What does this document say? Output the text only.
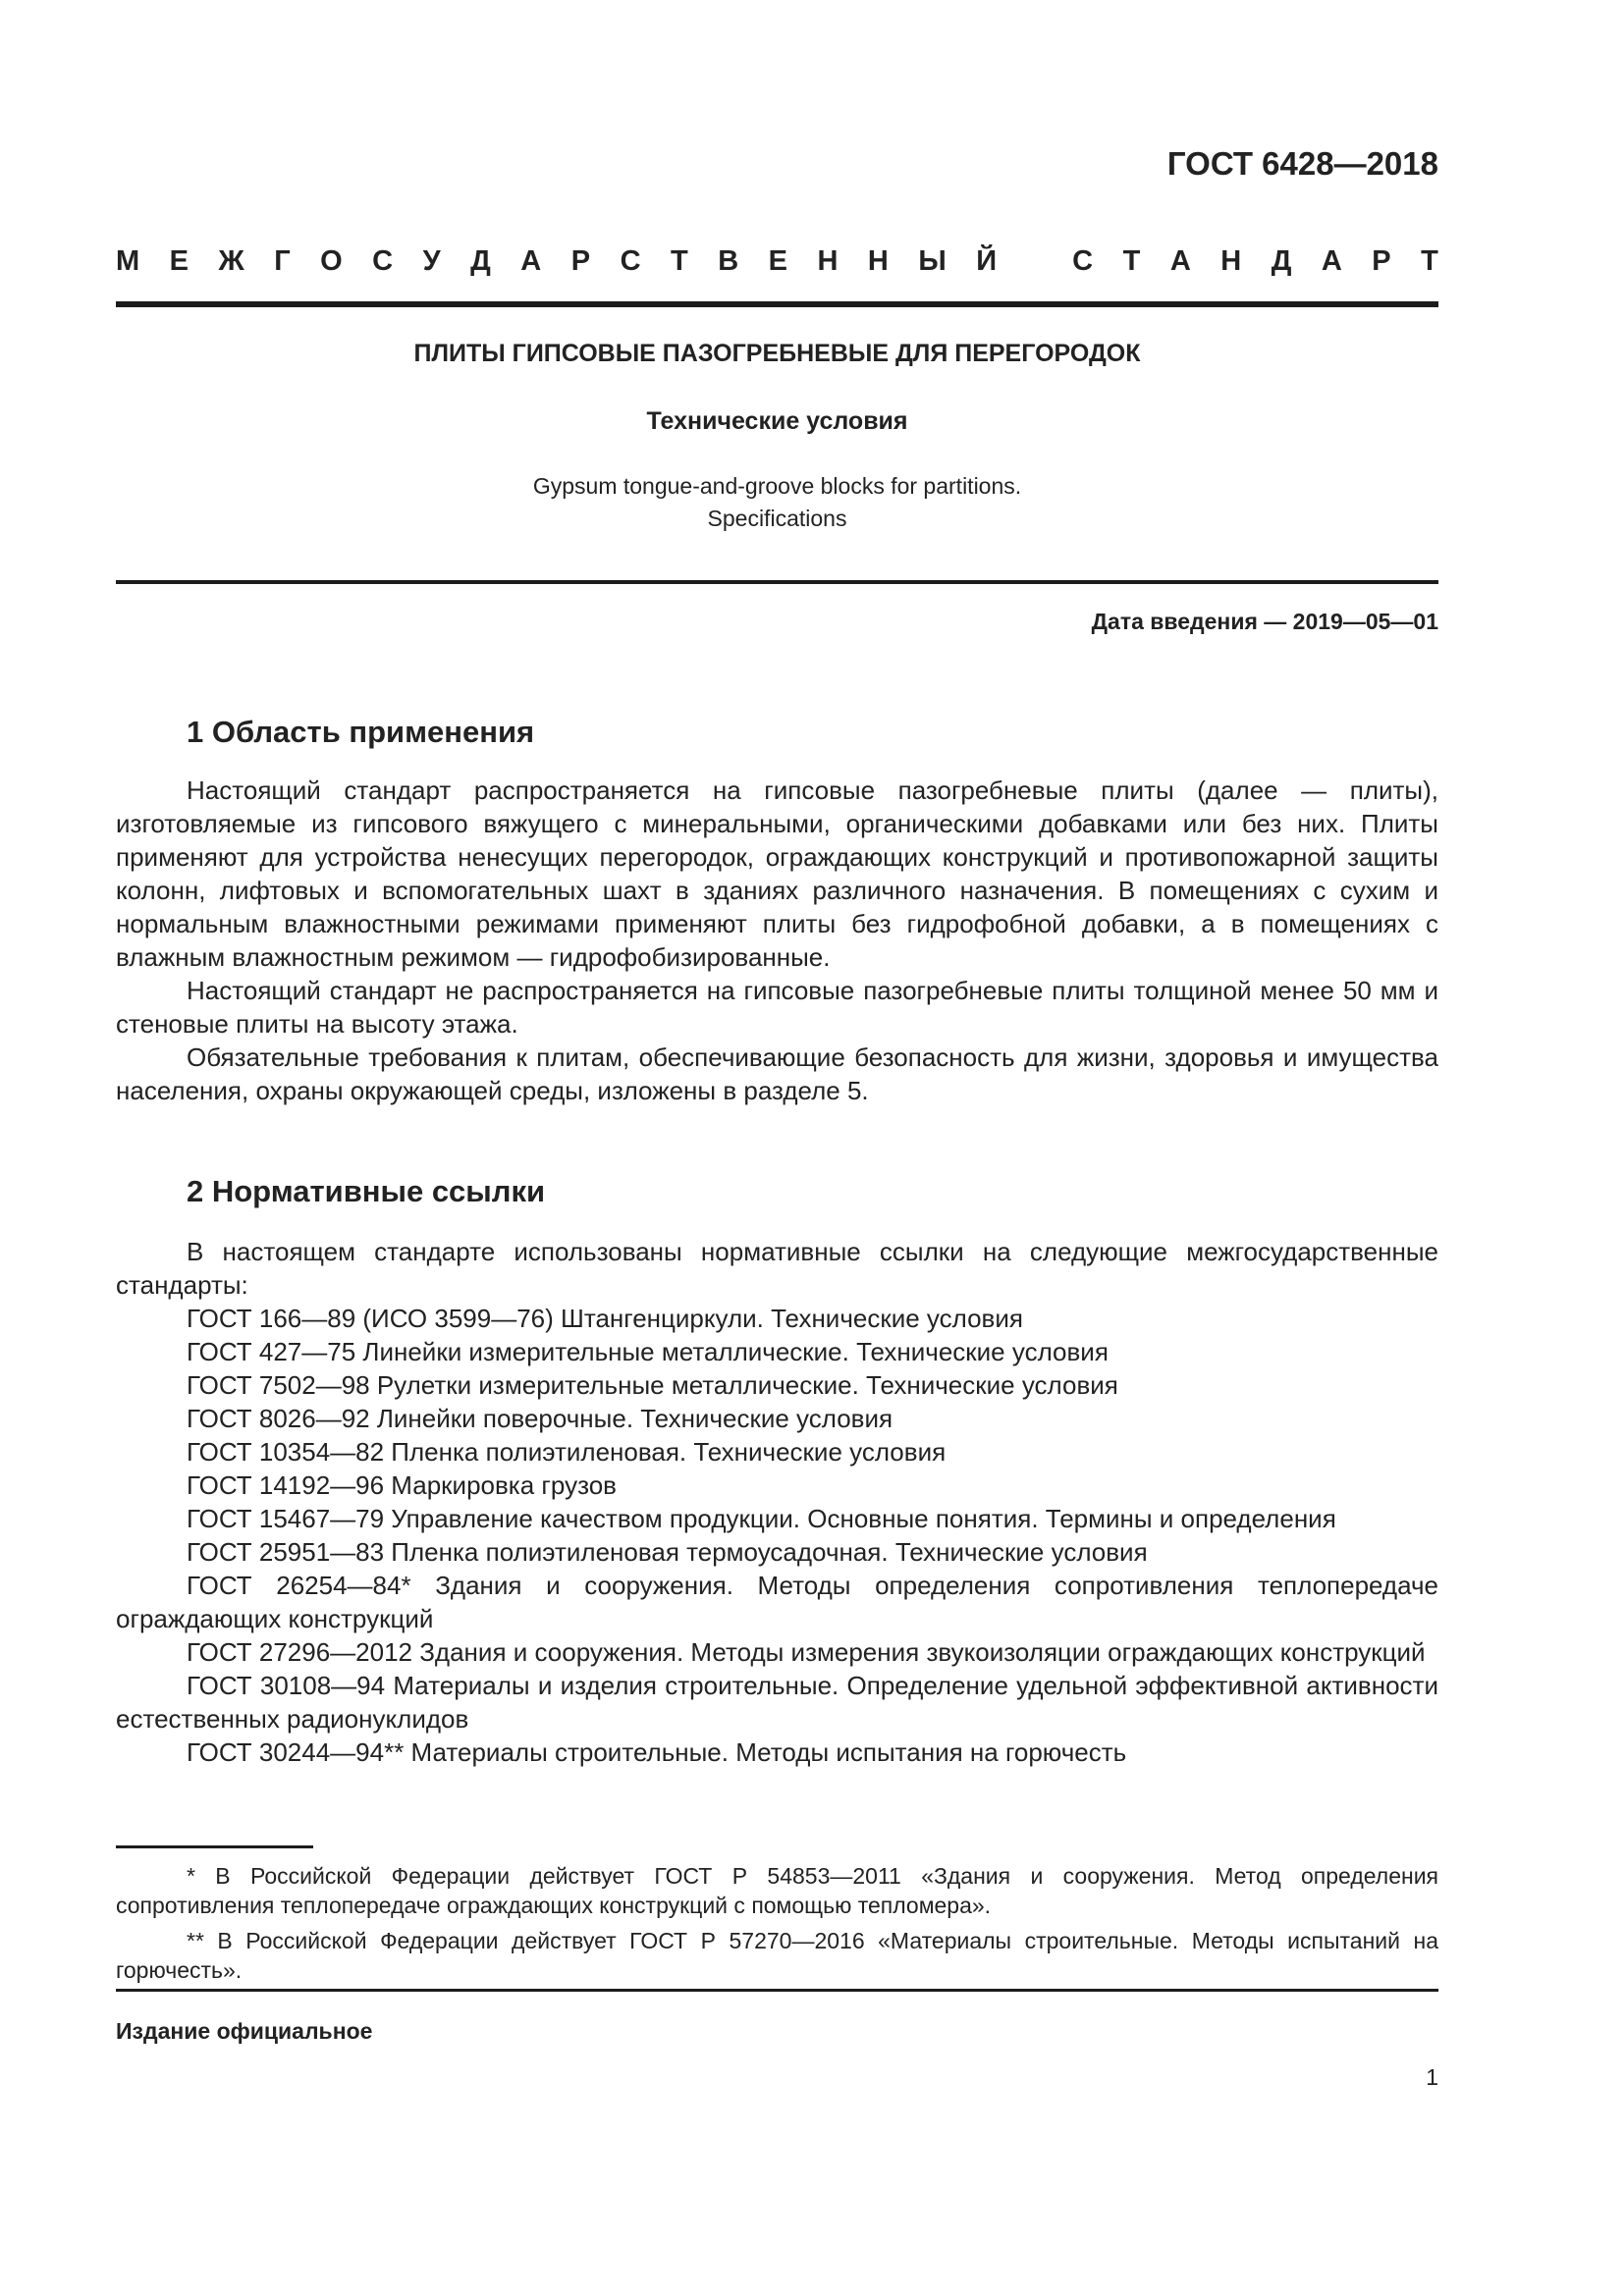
ГОСТ 6428—2018
М Е Ж Г О С У Д А Р С Т В Е Н Н Ы Й
	С Т А Н Д А Р Т
ПЛИТЫ ГИПСОВЫЕ ПАЗОГРЕБНЕВЫЕ ДЛЯ ПЕРЕГОРОДОК
Технические условия
Gypsum tongue-and-groove blocks for partitions.
Specifications
Дата введения — 2019—05—01
1 Область применения

Настоящий стандарт распространяется на гипсовые пазогребневые плиты (далее — плиты), изготовляемые из гипсового вяжущего с минеральными, органическими добавками или без них. Плиты применяют для устройства ненесущих перегородок, ограждающих конструкций и противопожарной защиты колонн, лифтовых и вспомогательных шахт в зданиях различного назначения. В помещениях с сухим и нормальным влажностными режимами применяют плиты без гидрофобной добавки, а в помещениях с влажным влажностным режимом — гидрофобизированные.

Настоящий стандарт не распространяется на гипсовые пазогребневые плиты толщиной менее 50 мм и стеновые плиты на высоту этажа.

Обязательные требования к плитам, обеспечивающие безопасность для жизни, здоровья и имущества населения, охраны окружающей среды, изложены в разделе 5.

2 Нормативные ссылки

В настоящем стандарте использованы нормативные ссылки на следующие межгосударственные стандарты:

ГОСТ 166—89 (ИСО 3599—76) Штангенциркули. Технические условия

ГОСТ 427—75 Линейки измерительные металлические. Технические условия

ГОСТ 7502—98 Рулетки измерительные металлические. Технические условия

ГОСТ 8026—92 Линейки поверочные. Технические условия

ГОСТ 10354—82 Пленка полиэтиленовая. Технические условия

ГОСТ 14192—96 Маркировка грузов

ГОСТ 15467—79 Управление качеством продукции. Основные понятия. Термины и определения

ГОСТ 25951—83 Пленка полиэтиленовая термоусадочная. Технические условия

ГОСТ 26254—84* Здания и сооружения. Методы определения сопротивления теплопередаче ограждающих конструкций

ГОСТ 27296—2012 Здания и сооружения. Методы измерения звукоизоляции ограждающих конструкций

ГОСТ 30108—94 Материалы и изделия строительные. Определение удельной эффективной активности естественных радионуклидов

ГОСТ 30244—94** Материалы строительные. Методы испытания на горючесть

* В Российской Федерации действует ГОСТ Р 54853—2011 «Здания и сооружения. Метод определения сопротивления теплопередаче ограждающих конструкций с помощью тепломера».

** В Российской Федерации действует ГОСТ Р 57270—2016 «Материалы строительные. Методы испытаний на горючесть».

Издание официальное
1
